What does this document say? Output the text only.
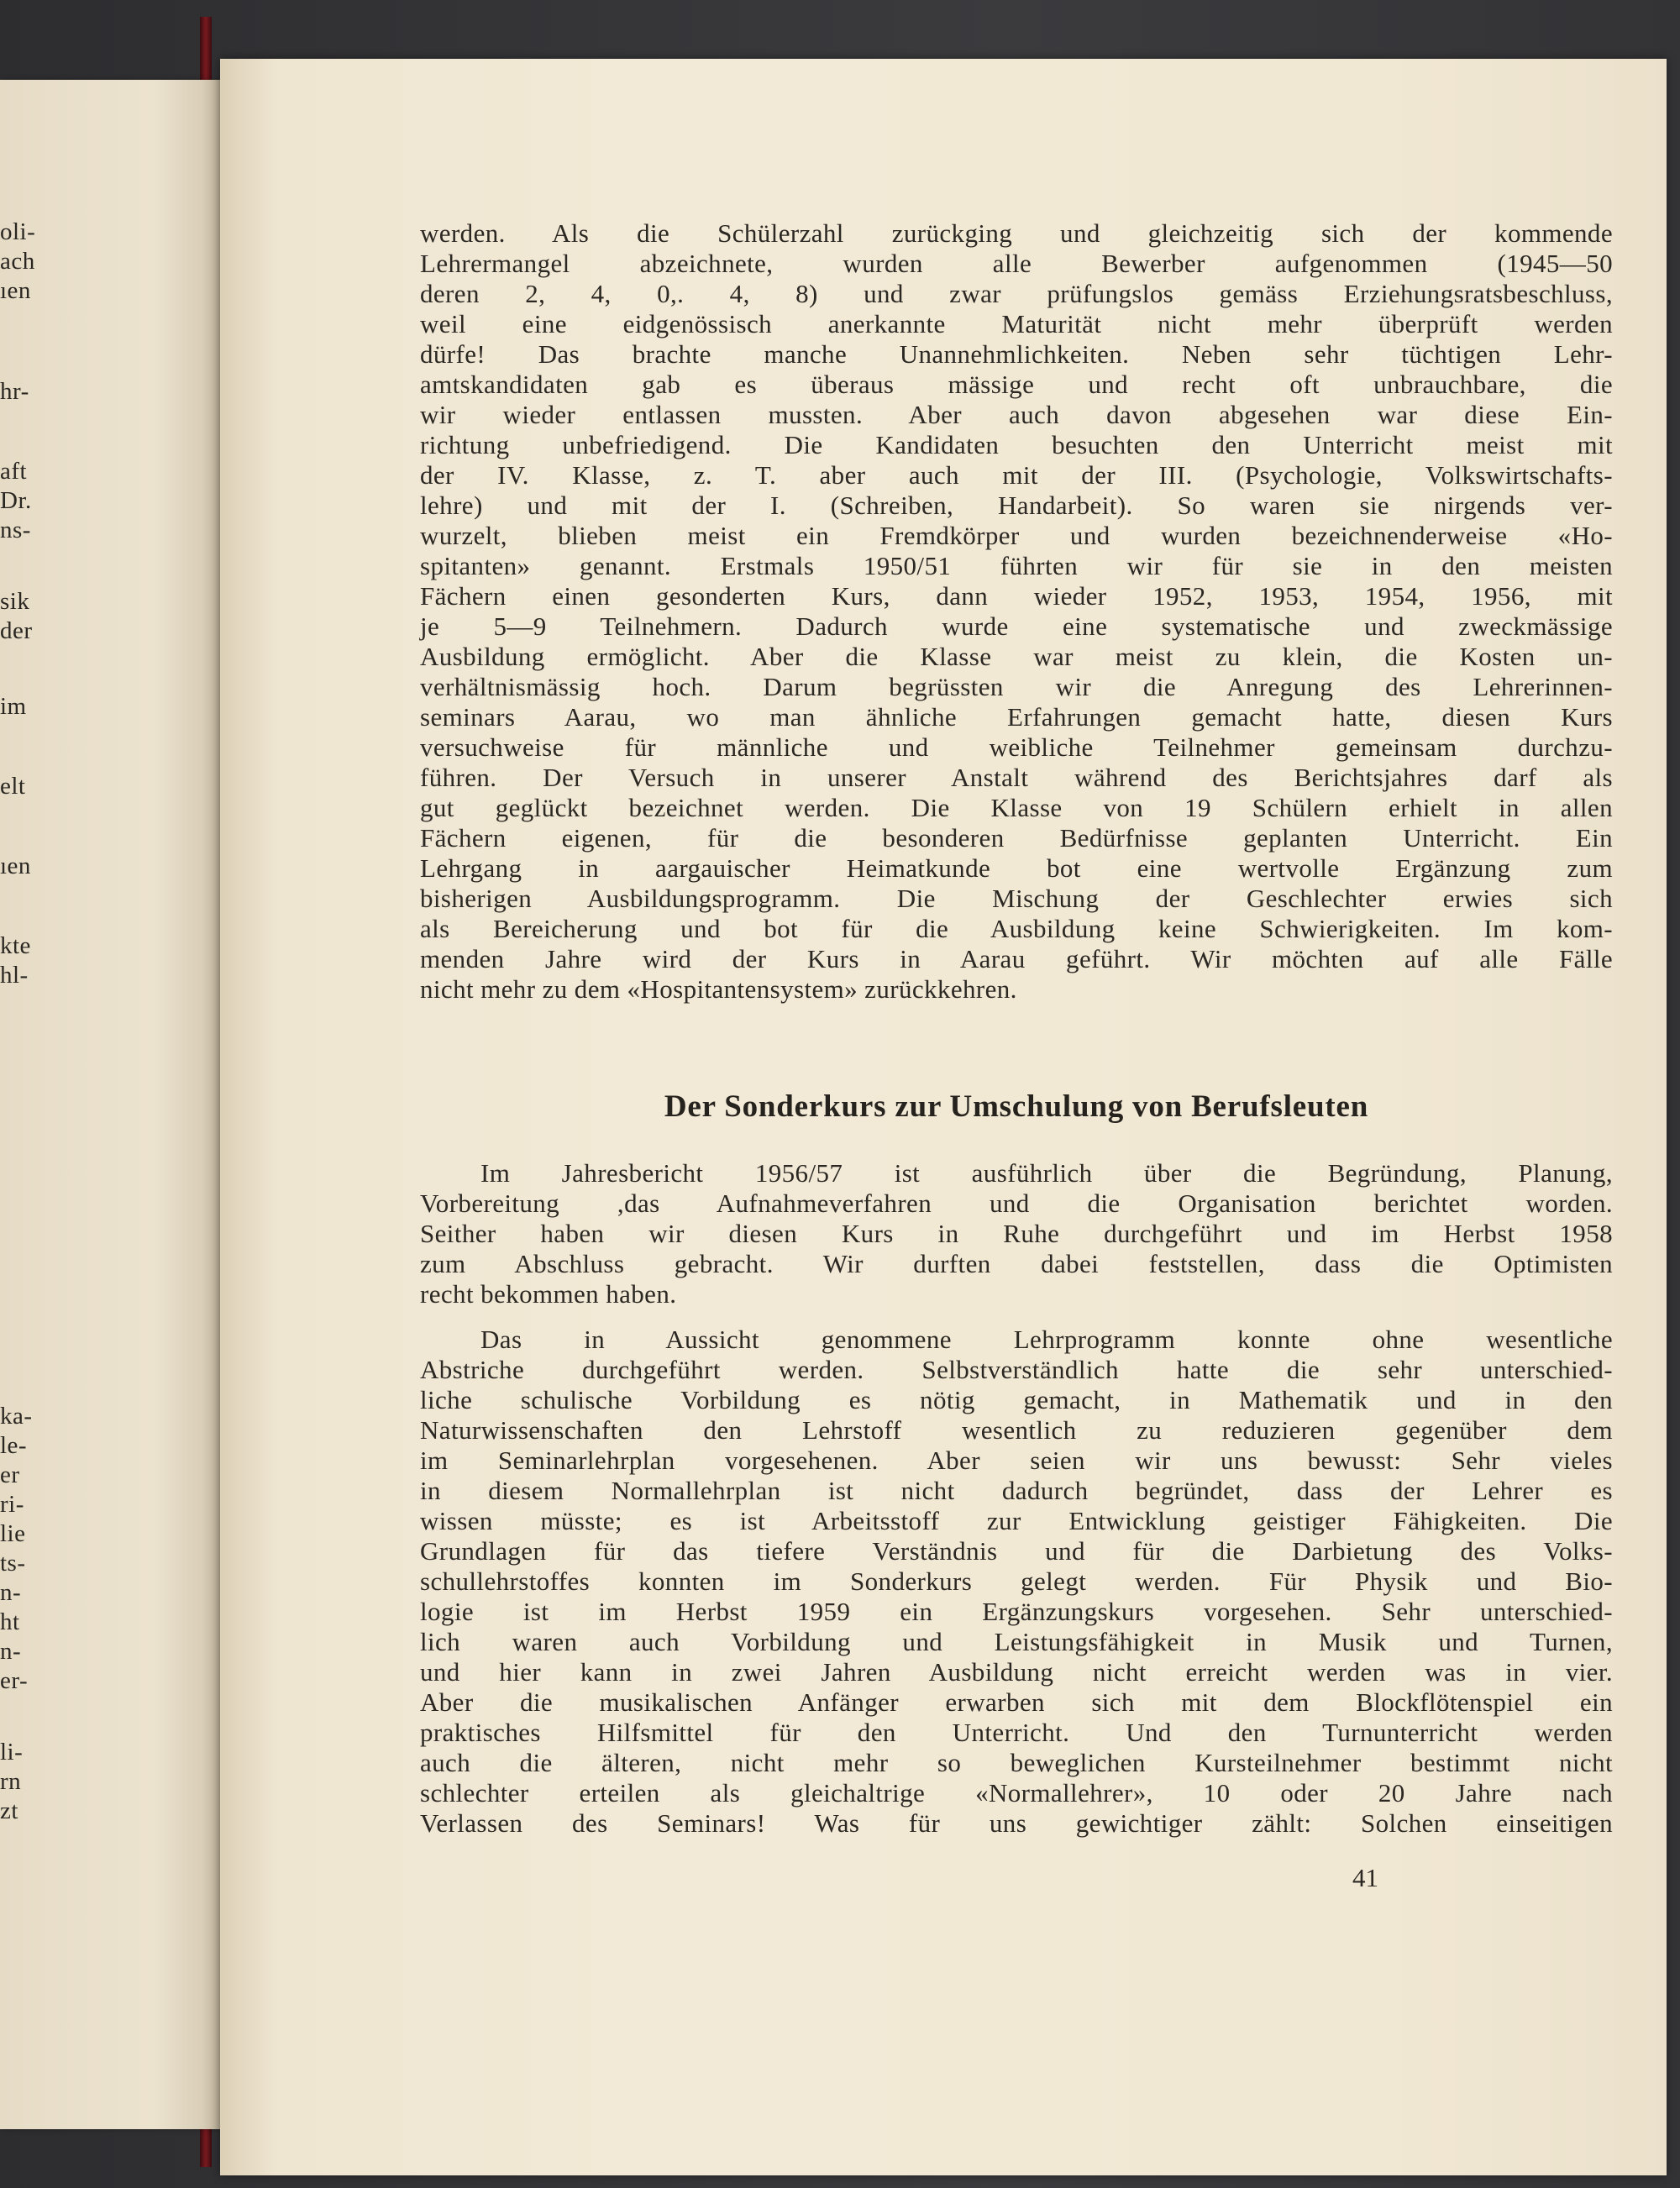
oli-

ach

ıen

hr-

aft

Dr.

ns-

sik

der

im

elt

ıen

kte

hl-

ka-

le-

er

ri-

lie

ts-

n-

ht

n-

er-

li-

rn

zt

werden. Als die Schülerzahl zurückging und gleichzeitig sich der kommende
Lehrermangel abzeichnete, wurden alle Bewerber aufgenommen (1945—50
deren 2, 4, 0,. 4, 8) und zwar prüfungslos gemäss Erziehungsratsbeschluss,
weil eine eidgenössisch anerkannte Maturität nicht mehr überprüft werden
dürfe! Das brachte manche Unannehmlichkeiten. Neben sehr tüchtigen Lehr-
amtskandidaten gab es überaus mässige und recht oft unbrauchbare, die
wir wieder entlassen mussten. Aber auch davon abgesehen war diese Ein-
richtung unbefriedigend. Die Kandidaten besuchten den Unterricht meist mit
der IV. Klasse, z. T. aber auch mit der III. (Psychologie, Volkswirtschafts-
lehre) und mit der I. (Schreiben, Handarbeit). So waren sie nirgends ver-
wurzelt, blieben meist ein Fremdkörper und wurden bezeichnenderweise «Ho-
spitanten» genannt. Erstmals 1950/51 führten wir für sie in den meisten
Fächern einen gesonderten Kurs, dann wieder 1952, 1953, 1954, 1956, mit
je 5—9 Teilnehmern. Dadurch wurde eine systematische und zweckmässige
Ausbildung ermöglicht. Aber die Klasse war meist zu klein, die Kosten un-
verhältnismässig hoch. Darum begrüssten wir die Anregung des Lehrerinnen-
seminars Aarau, wo man ähnliche Erfahrungen gemacht hatte, diesen Kurs
versuchweise für männliche und weibliche Teilnehmer gemeinsam durchzu-
führen. Der Versuch in unserer Anstalt während des Berichtsjahres darf als
gut geglückt bezeichnet werden. Die Klasse von 19 Schülern erhielt in allen
Fächern eigenen, für die besonderen Bedürfnisse geplanten Unterricht. Ein
Lehrgang in aargauischer Heimatkunde bot eine wertvolle Ergänzung zum
bisherigen Ausbildungsprogramm. Die Mischung der Geschlechter erwies sich
als Bereicherung und bot für die Ausbildung keine Schwierigkeiten. Im kom-
menden Jahre wird der Kurs in Aarau geführt. Wir möchten auf alle Fälle
nicht mehr zu dem «Hospitantensystem» zurückkehren.
Der Sonderkurs zur Umschulung von Berufsleuten
Im Jahresbericht 1956/57 ist ausführlich über die Begründung, Planung,
Vorbereitung ,das Aufnahmeverfahren und die Organisation berichtet worden.
Seither haben wir diesen Kurs in Ruhe durchgeführt und im Herbst 1958
zum Abschluss gebracht. Wir durften dabei feststellen, dass die Optimisten
recht bekommen haben.
Das in Aussicht genommene Lehrprogramm konnte ohne wesentliche
Abstriche durchgeführt werden. Selbstverständlich hatte die sehr unterschied-
liche schulische Vorbildung es nötig gemacht, in Mathematik und in den
Naturwissenschaften den Lehrstoff wesentlich zu reduzieren gegenüber dem
im Seminarlehrplan vorgesehenen. Aber seien wir uns bewusst: Sehr vieles
in diesem Normallehrplan ist nicht dadurch begründet, dass der Lehrer es
wissen müsste; es ist Arbeitsstoff zur Entwicklung geistiger Fähigkeiten. Die
Grundlagen für das tiefere Verständnis und für die Darbietung des Volks-
schullehrstoffes konnten im Sonderkurs gelegt werden. Für Physik und Bio-
logie ist im Herbst 1959 ein Ergänzungskurs vorgesehen. Sehr unterschied-
lich waren auch Vorbildung und Leistungsfähigkeit in Musik und Turnen,
und hier kann in zwei Jahren Ausbildung nicht erreicht werden was in vier.
Aber die musikalischen Anfänger erwarben sich mit dem Blockflötenspiel ein
praktisches Hilfsmittel für den Unterricht. Und den Turnunterricht werden
auch die älteren, nicht mehr so beweglichen Kursteilnehmer bestimmt nicht
schlechter erteilen als gleichaltrige «Normallehrer», 10 oder 20 Jahre nach
Verlassen des Seminars! Was für uns gewichtiger zählt: Solchen einseitigen

41
